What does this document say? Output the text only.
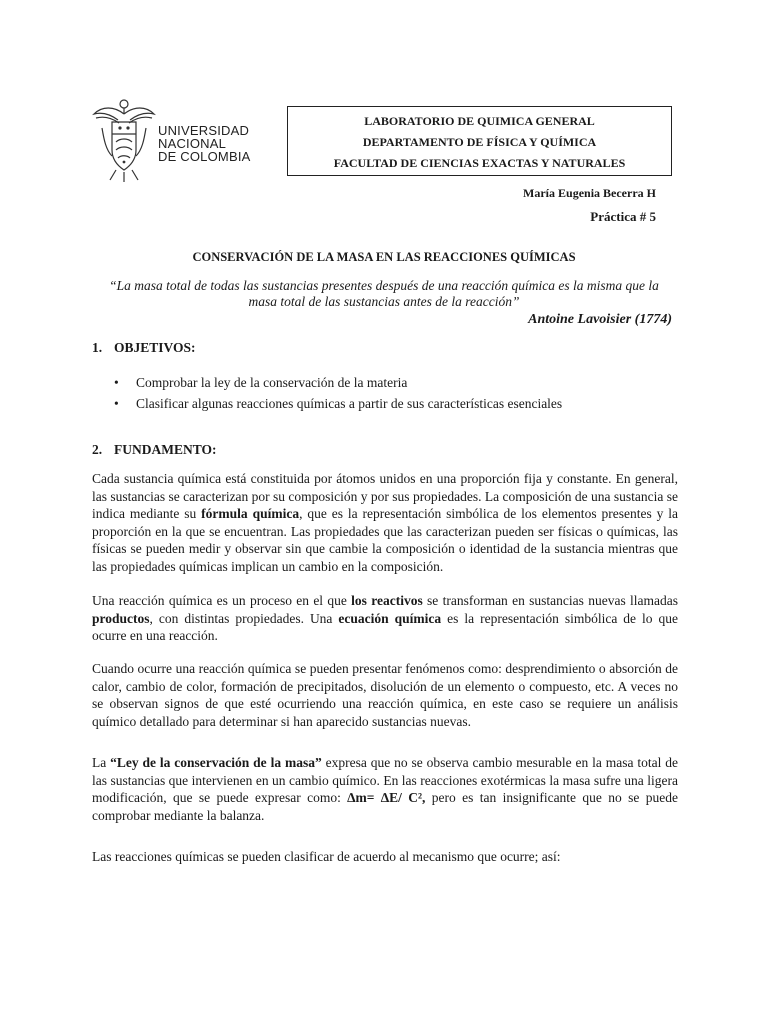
UNIVERSIDAD
NACIONAL
DE COLOMBIA
LABORATORIO DE QUIMICA GENERAL
DEPARTAMENTO DE FÍSICA Y QUÍMICA
FACULTAD DE CIENCIAS EXACTAS Y NATURALES
María Eugenia Becerra H
Práctica # 5
CONSERVACIÓN DE LA MASA EN LAS REACCIONES QUÍMICAS
“La masa total de todas las sustancias presentes después de una reacción química es la misma que la masa total de las sustancias antes de la reacción”
Antoine Lavoisier (1774)
1. OBJETIVOS:
• Comprobar la ley de la conservación de la materia
• Clasificar algunas reacciones químicas a partir de sus características esenciales
2. FUNDAMENTO:

Cada sustancia química está constituida por átomos unidos en una proporción fija y constante. En general, las sustancias se caracterizan por su composición y por sus propiedades. La composición de una sustancia se indica mediante su fórmula química, que es la representación simbólica de los elementos presentes y la proporción en la que se encuentran. Las propiedades que las caracterizan pueden ser físicas o químicas, las físicas se pueden medir y observar sin que cambie la composición o identidad de la sustancia mientras que las propiedades químicas implican un cambio en la composición.

Una reacción química es un proceso en el que los reactivos se transforman en sustancias nuevas llamadas productos, con distintas propiedades. Una ecuación química es la representación simbólica de lo que ocurre en una reacción.

Cuando ocurre una reacción química se pueden presentar fenómenos como: desprendimiento o absorción de calor, cambio de color, formación de precipitados, disolución de un elemento o compuesto, etc. A veces no se observan signos de que esté ocurriendo una reacción química, en este caso se requiere un análisis químico detallado para determinar si han aparecido sustancias nuevas.

La “Ley de la conservación de la masa” expresa que no se observa cambio mesurable en la masa total de las sustancias que intervienen en un cambio químico. En las reacciones exotérmicas la masa sufre una ligera modificación, que se puede expresar como: ∆m= ∆E/ C², pero es tan insignificante que no se puede comprobar mediante la balanza.

Las reacciones químicas se pueden clasificar de acuerdo al mecanismo que ocurre; así:
